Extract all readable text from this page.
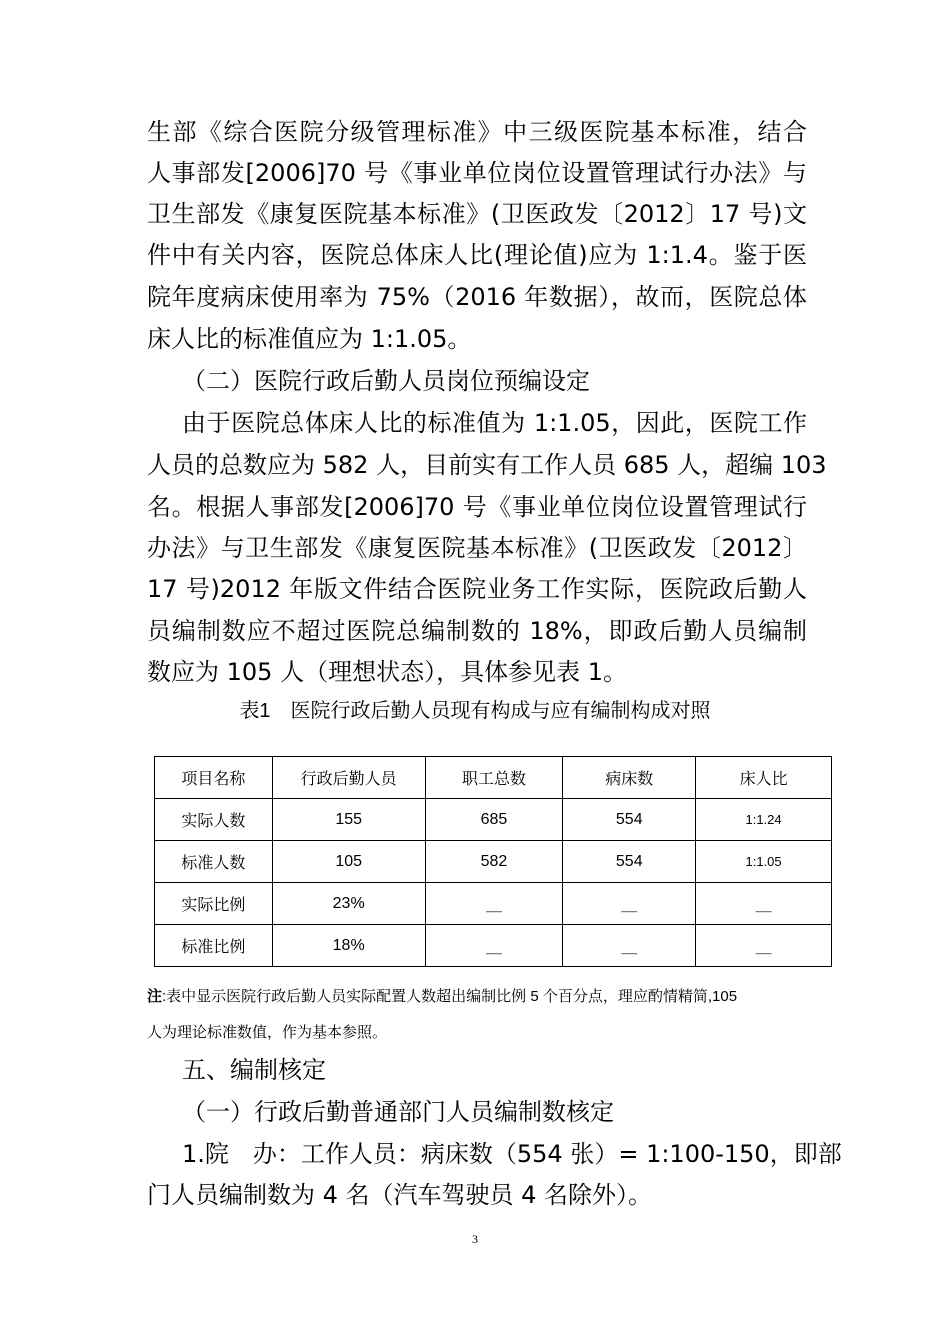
生部《综合医院分级管理标准》中三级医院基本标准，结合
人事部发[2006]70 号《事业单位岗位设置管理试行办法》与
卫生部发《康复医院基本标准》(卫医政发〔2012〕17 号)文
件中有关内容，医院总体床人比(理论值)应为 1:1.4。鉴于医
院年度病床使用率为 75%（2016 年数据），故而，医院总体
床人比的标准值应为 1:1.05。
（二）医院行政后勤人员岗位预编设定
由于医院总体床人比的标准值为 1:1.05，因此，医院工作
人员的总数应为 582 人，目前实有工作人员 685 人，超编 103
名。根据人事部发[2006]70 号《事业单位岗位设置管理试行
办法》与卫生部发《康复医院基本标准》(卫医政发〔2012〕
17 号)2012 年版文件结合医院业务工作实际，医院政后勤人
员编制数应不超过医院总编制数的 18%，即政后勤人员编制
数应为 105 人（理想状态），具体参见表 1。
表1　医院行政后勤人员现有构成与应有编制构成对照
项目名称	行政后勤人员	职工总数	病床数	床人比
实际人数	155	685	554	1:1.24
标准人数	105	582	554	1:1.05
实际比例	23%	＿	＿	＿
标准比例	18%	＿	＿	＿
注:表中显示医院行政后勤人员实际配置人数超出编制比例 5 个百分点，理应酌情精简,105
人为理论标准数值，作为基本参照。
五、编制核定
（一）行政后勤普通部门人员编制数核定
1.院　办：工作人员：病床数（554 张）= 1:100-150，即部
门人员编制数为 4 名（汽车驾驶员 4 名除外）。
3
